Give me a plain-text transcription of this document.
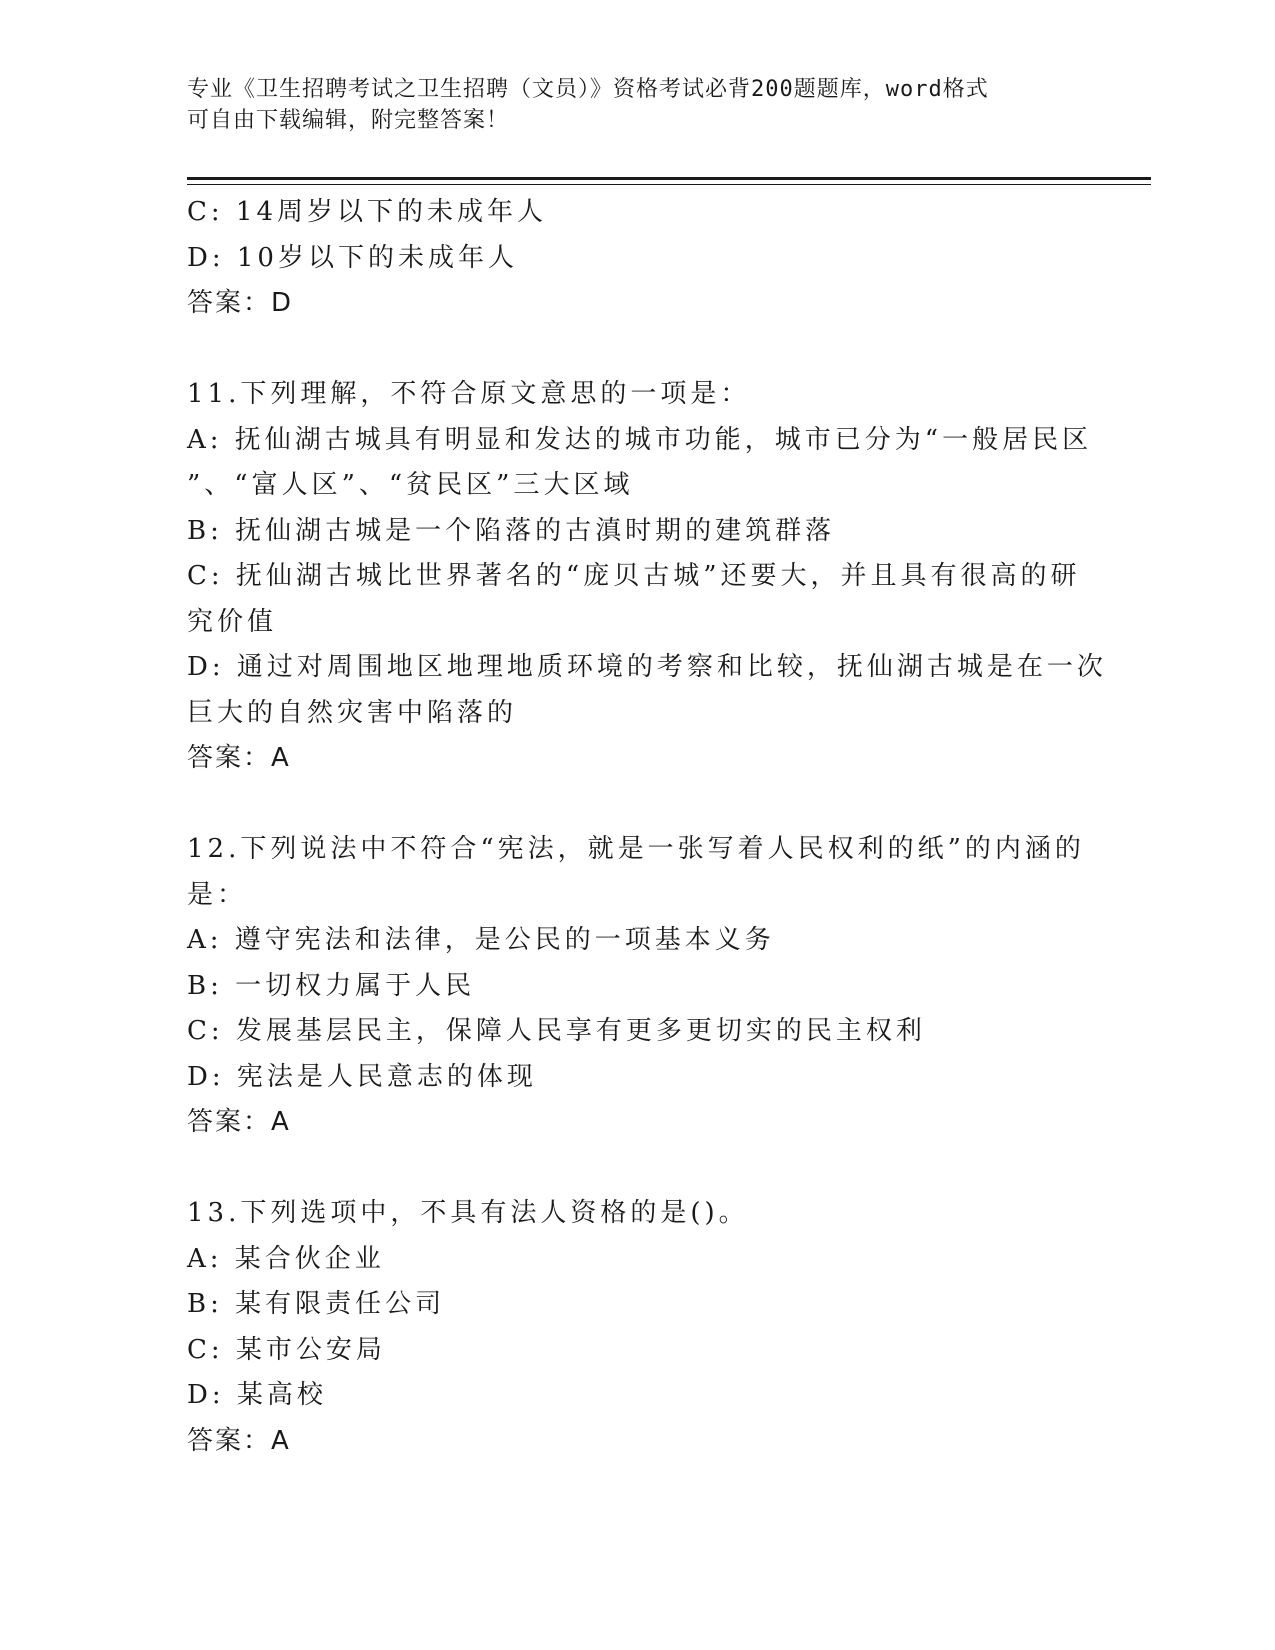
专业《卫生招聘考试之卫生招聘（文员）》资格考试必背200题题库，word格式
可自由下载编辑，附完整答案！
C: 14周岁以下的未成年人
D: 10岁以下的未成年人
答案：D
11.下列理解，不符合原文意思的一项是：
A: 抚仙湖古城具有明显和发达的城市功能，城市已分为“一般居民区
”、“富人区”、“贫民区”三大区域
B: 抚仙湖古城是一个陷落的古滇时期的建筑群落
C: 抚仙湖古城比世界著名的“庞贝古城”还要大，并且具有很高的研
究价值
D: 通过对周围地区地理地质环境的考察和比较，抚仙湖古城是在一次
巨大的自然灾害中陷落的
答案：A
12.下列说法中不符合“宪法，就是一张写着人民权利的纸”的内涵的
是：
A: 遵守宪法和法律，是公民的一项基本义务
B: 一切权力属于人民
C: 发展基层民主，保障人民享有更多更切实的民主权利
D: 宪法是人民意志的体现
答案：A
13.下列选项中，不具有法人资格的是()。
A: 某合伙企业
B: 某有限责任公司
C: 某市公安局
D: 某高校
答案：A
